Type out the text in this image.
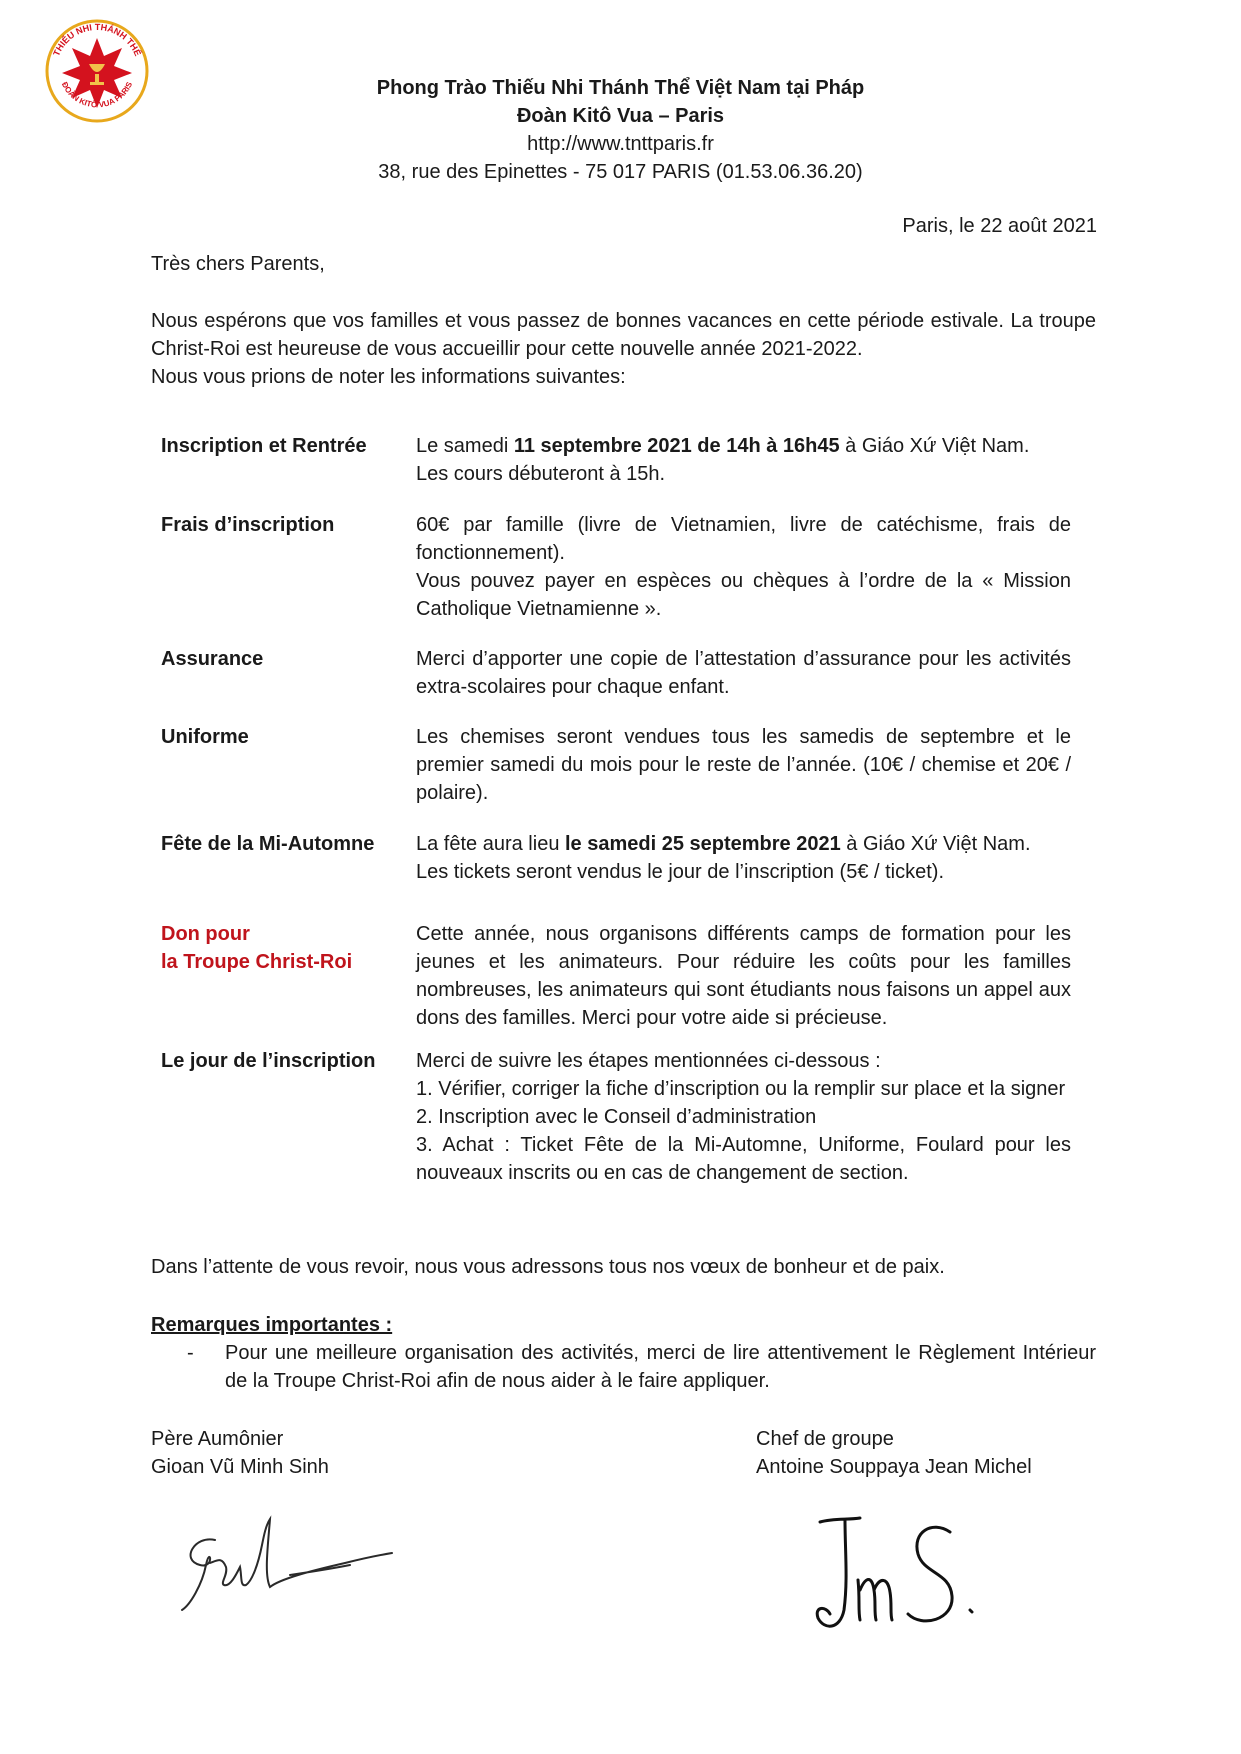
THIẾU NHI THÁNH THỂ
ĐOÀN KITÔ VUA PARIS	Phong Trào Thiếu Nhi Thánh Thể Việt Nam tại Pháp
Đoàn Kitô Vua – Paris
http://www.tnttparis.fr
38, rue des Epinettes - 75 017 PARIS (01.53.06.36.20)
Paris, le 22 août 2021
Très chers Parents,
Nous espérons que vos familles et vous passez de bonnes vacances en cette période estivale. La troupe Christ-Roi est heureuse de vous accueillir pour cette nouvelle année 2021-2022.
Nous vous prions de noter les informations suivantes:
Inscription et Rentrée	Le samedi 11 septembre 2021 de 14h à 16h45 à Giáo Xứ Việt Nam.

Les cours débuteront à 15h.

Frais d’inscription	60€ par famille (livre de Vietnamien, livre de catéchisme, frais de fonctionnement).

Vous pouvez payer en espèces ou chèques à l’ordre de la « Mission Catholique Vietnamienne ».

Assurance	Merci d’apporter une copie de l’attestation d’assurance pour les activités extra-scolaires pour chaque enfant.

Uniforme	Les chemises seront vendues tous les samedis de septembre et le premier samedi du mois pour le reste de l’année. (10€ / chemise et 20€ / polaire).

Fête de la Mi-Automne	La fête aura lieu le samedi 25 septembre 2021 à Giáo Xứ Việt Nam.

Les tickets seront vendus le jour de l’inscription (5€ / ticket).

Don pour
la Troupe Christ-Roi

Cette année, nous organisons différents camps de formation pour les jeunes et les animateurs. Pour réduire les coûts pour les familles nombreuses, les animateurs qui sont étudiants nous faisons un appel aux dons des familles. Merci pour votre aide si précieuse.

Le jour de l’inscription	Merci de suivre les étapes mentionnées ci-dessous :

1. Vérifier, corriger la fiche d’inscription ou la remplir sur place et la signer

2. Inscription avec le Conseil d’administration

3. Achat : Ticket Fête de la Mi-Automne, Uniforme, Foulard pour les nouveaux inscrits ou en cas de changement de section.

Dans l’attente de vous revoir, nous vous adressons tous nos vœux de bonheur et de paix.
Remarques importantes :
- Pour une meilleure organisation des activités, merci de lire attentivement le Règlement Intérieur de la Troupe Christ-Roi afin de nous aider à le faire appliquer.
Père Aumônier
Gioan Vũ Minh Sinh
Chef de groupe
Antoine Souppaya Jean Michel
